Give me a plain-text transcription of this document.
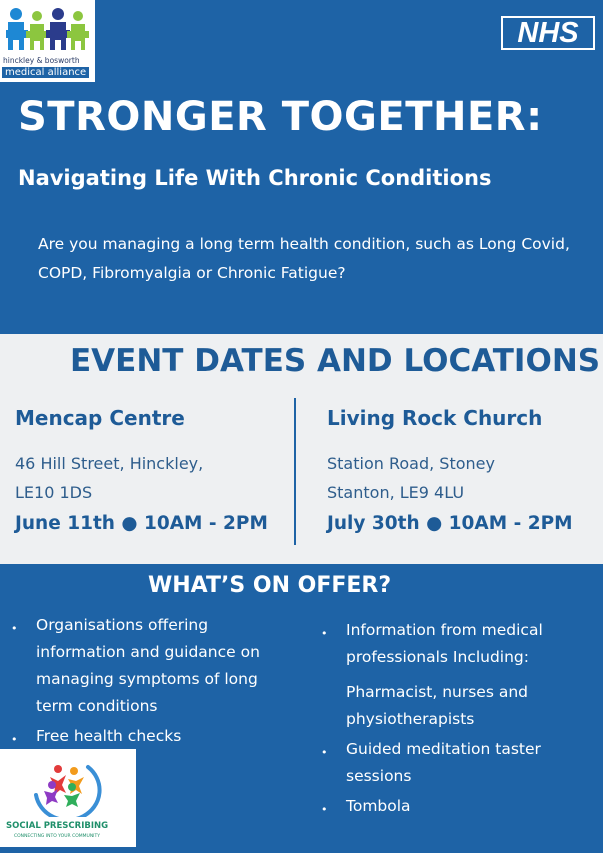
hinckley & bosworth
medical alliance
NHS
STRONGER TOGETHER:
Navigating Life With Chronic Conditions
Are you managing a long term health condition, such as Long Covid, COPD, Fibromyalgia or Chronic Fatigue?
EVENT DATES AND LOCATIONS
Mencap Centre
46 Hill Street, Hinckley,
LE10 1DS
June 11th ● 10AM - 2PM
Living Rock Church
Station Road, Stoney
Stanton, LE9 4LU
July 30th ● 10AM - 2PM
WHAT’S ON OFFER?
• Organisations offering information and guidance on managing symptoms of long term conditions
• Free health checks
• Information from medical professionals Including:
Pharmacist, nurses and physiotherapists
• Guided meditation taster sessions
• Tombola
SOCIAL PRESCRIBING
CONNECTING INTO YOUR COMMUNITY
